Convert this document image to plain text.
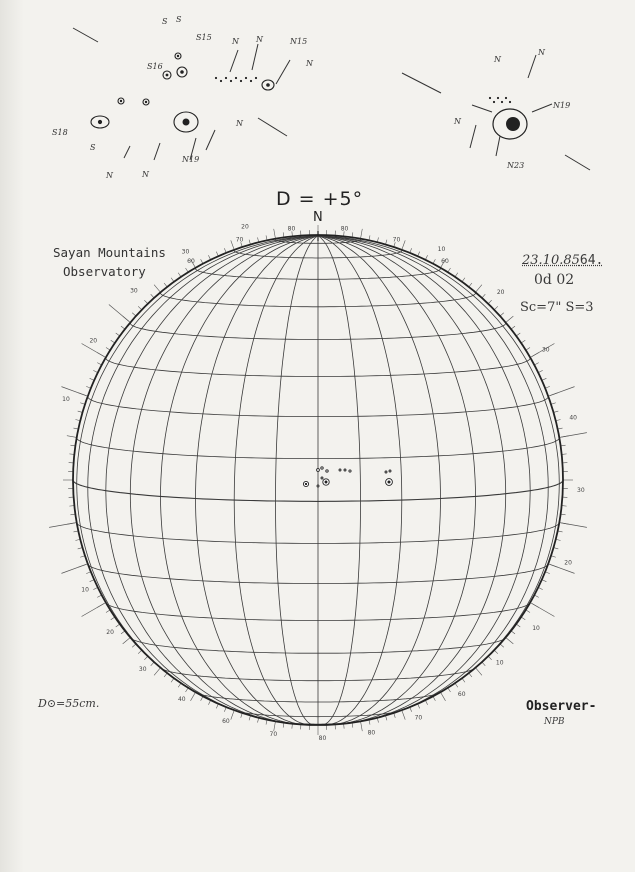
10
20
30
40
30
20
10
10
20
30
30
20
10
20
30
40
60
70
80
80
70
60
10
60
70
80	80
70
60
S S
S15
S16
S18
S
N
N19
N
N N	N15
N
N
N
N
N19
N23
N
D = +5°
N
Sayan Mountains
Observatory
23.10.8564.
0d 02
Sc=7" S=3
D⊙=55cm.	Observer-
NPB
